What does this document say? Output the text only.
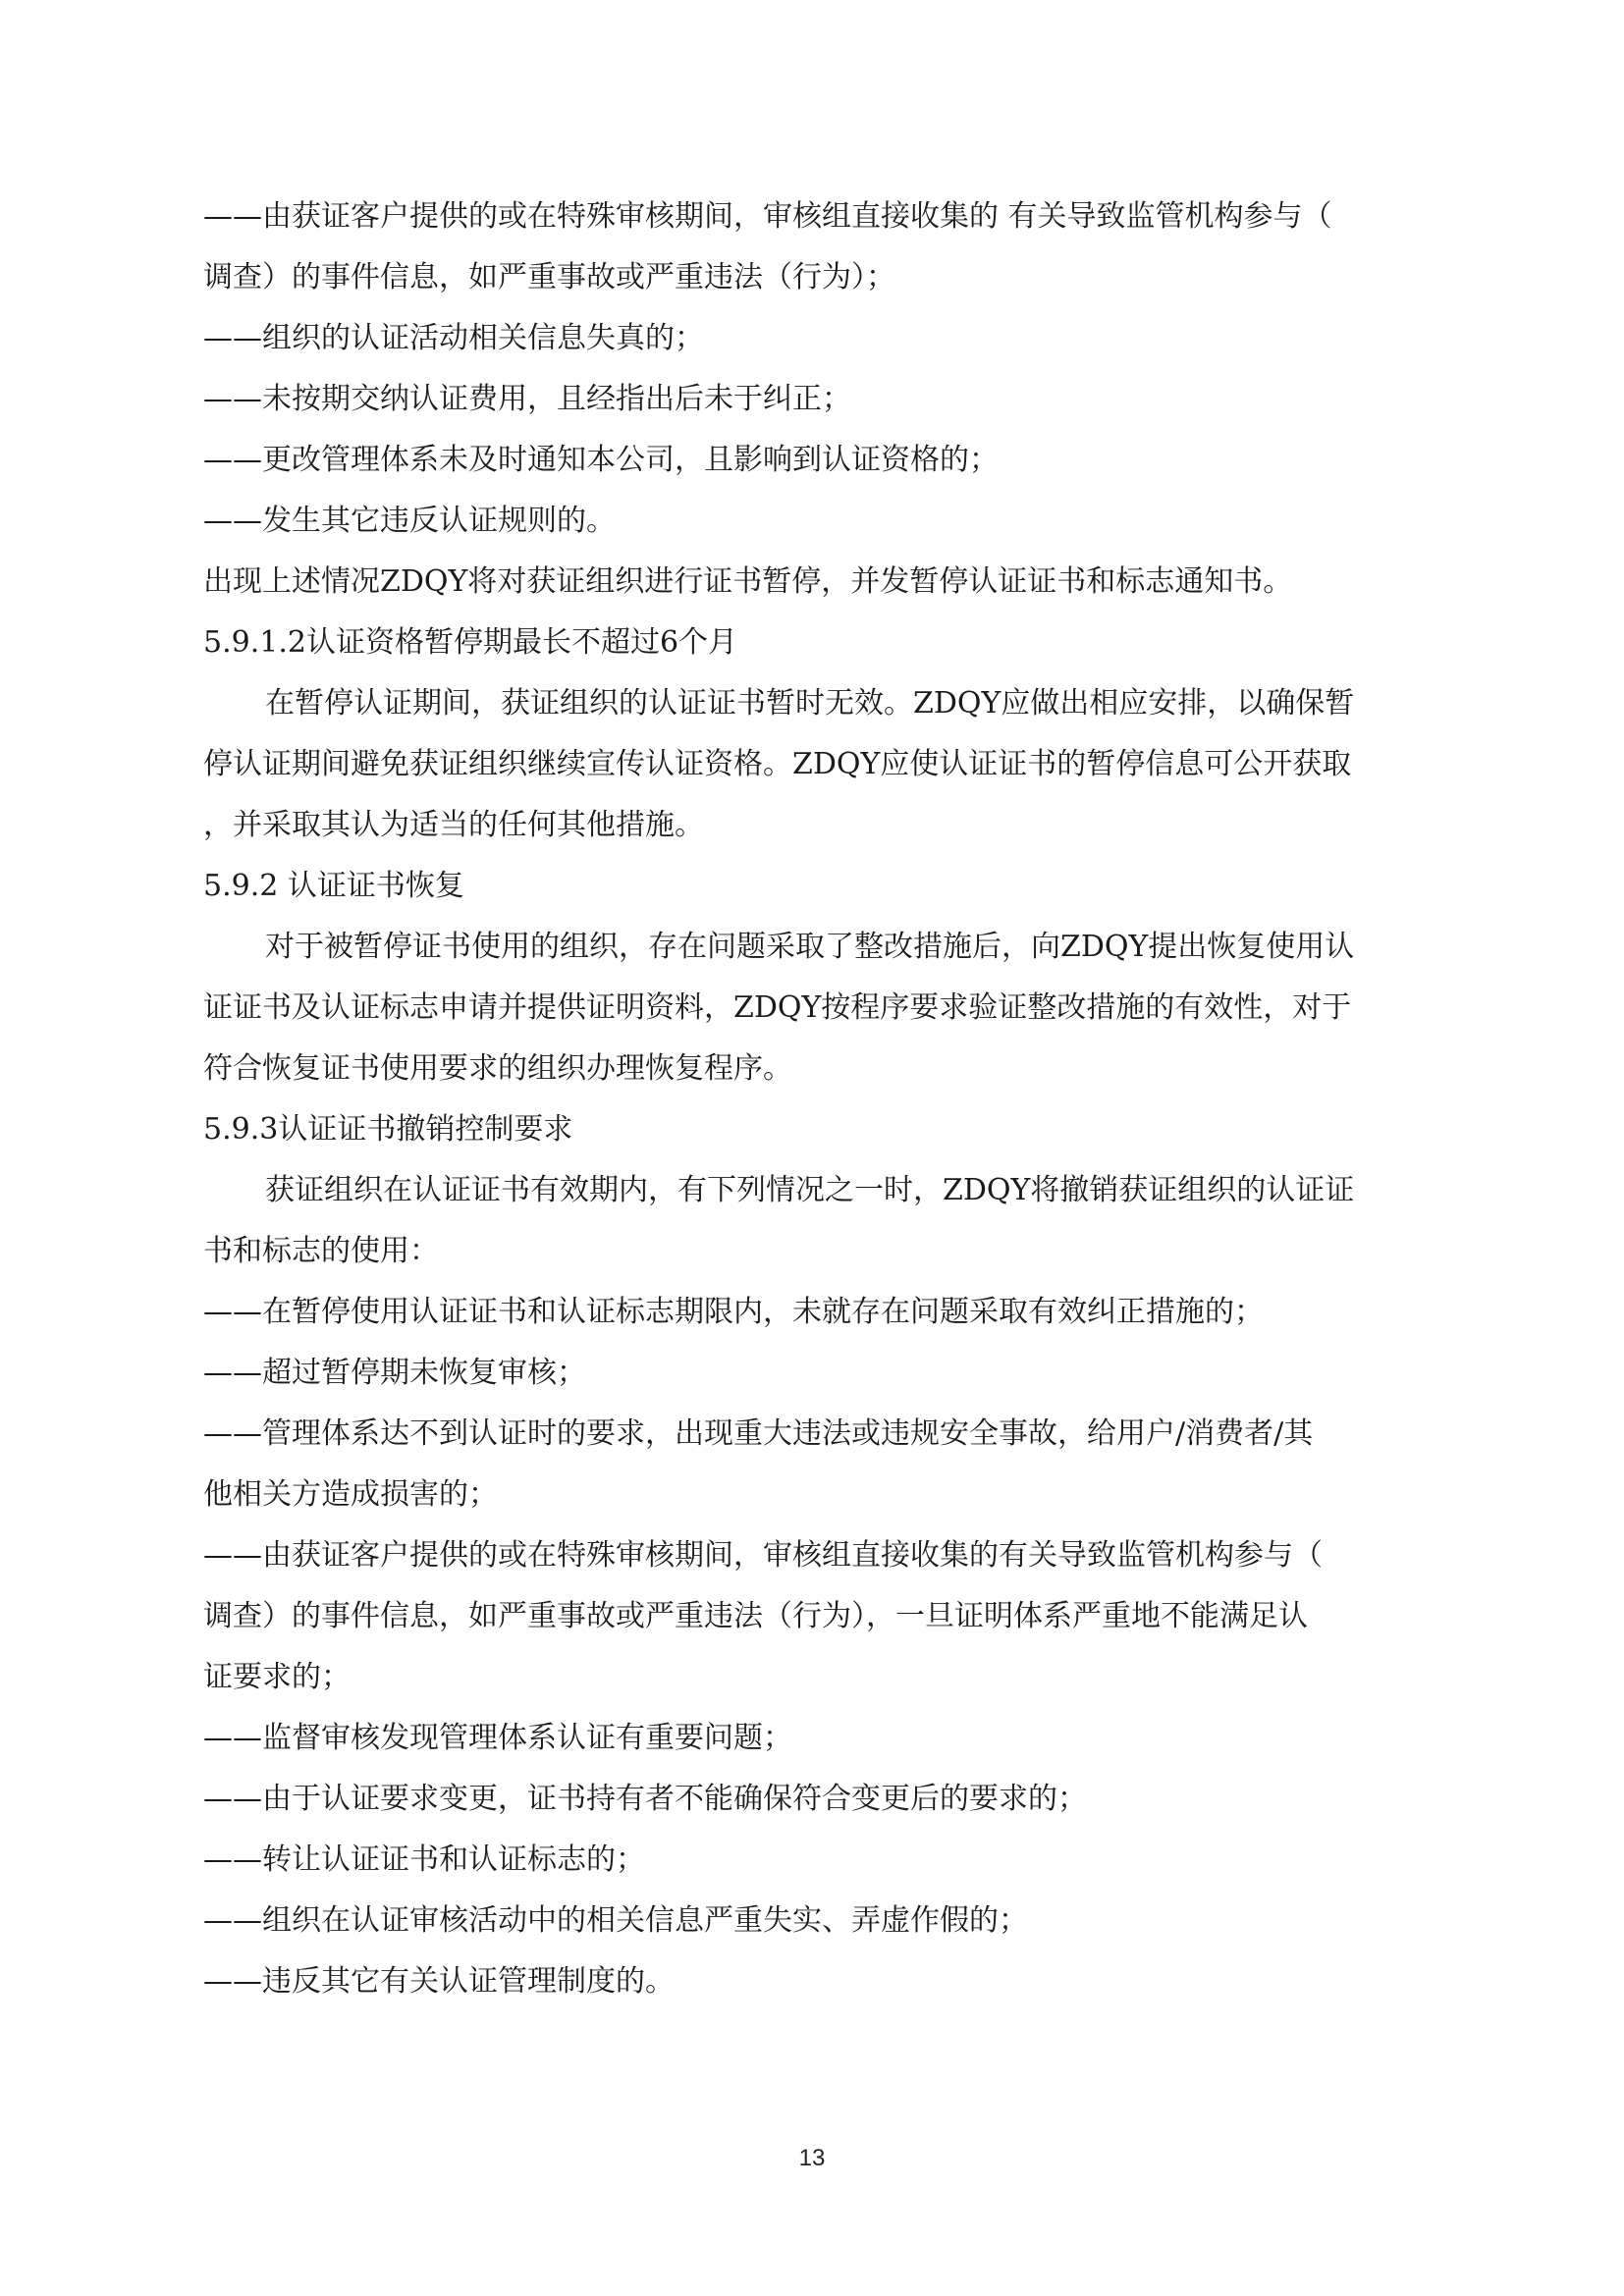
——由获证客户提供的或在特殊审核期间，审核组直接收集的 有关导致监管机构参与（
调查）的事件信息，如严重事故或严重违法（行为）；
——组织的认证活动相关信息失真的；
——未按期交纳认证费用，且经指出后未于纠正；
——更改管理体系未及时通知本公司，且影响到认证资格的；
——发生其它违反认证规则的。
出现上述情况ZDQY将对获证组织进行证书暂停，并发暂停认证证书和标志通知书。
5.9.1.2认证资格暂停期最长不超过6个月
在暂停认证期间，获证组织的认证证书暂时无效。ZDQY应做出相应安排，以确保暂
停认证期间避免获证组织继续宣传认证资格。ZDQY应使认证证书的暂停信息可公开获取
，并采取其认为适当的任何其他措施。
5.9.2 认证证书恢复
对于被暂停证书使用的组织，存在问题采取了整改措施后，向ZDQY提出恢复使用认
证证书及认证标志申请并提供证明资料，ZDQY按程序要求验证整改措施的有效性，对于
符合恢复证书使用要求的组织办理恢复程序。
5.9.3认证证书撤销控制要求
获证组织在认证证书有效期内，有下列情况之一时，ZDQY将撤销获证组织的认证证
书和标志的使用：
——在暂停使用认证证书和认证标志期限内，未就存在问题采取有效纠正措施的；
——超过暂停期未恢复审核；
——管理体系达不到认证时的要求，出现重大违法或违规安全事故，给用户/消费者/其
他相关方造成损害的；
——由获证客户提供的或在特殊审核期间，审核组直接收集的有关导致监管机构参与（
调查）的事件信息，如严重事故或严重违法（行为），一旦证明体系严重地不能满足认
证要求的；
——监督审核发现管理体系认证有重要问题；
——由于认证要求变更，证书持有者不能确保符合变更后的要求的；
——转让认证证书和认证标志的；
——组织在认证审核活动中的相关信息严重失实、弄虚作假的；
——违反其它有关认证管理制度的。
13
